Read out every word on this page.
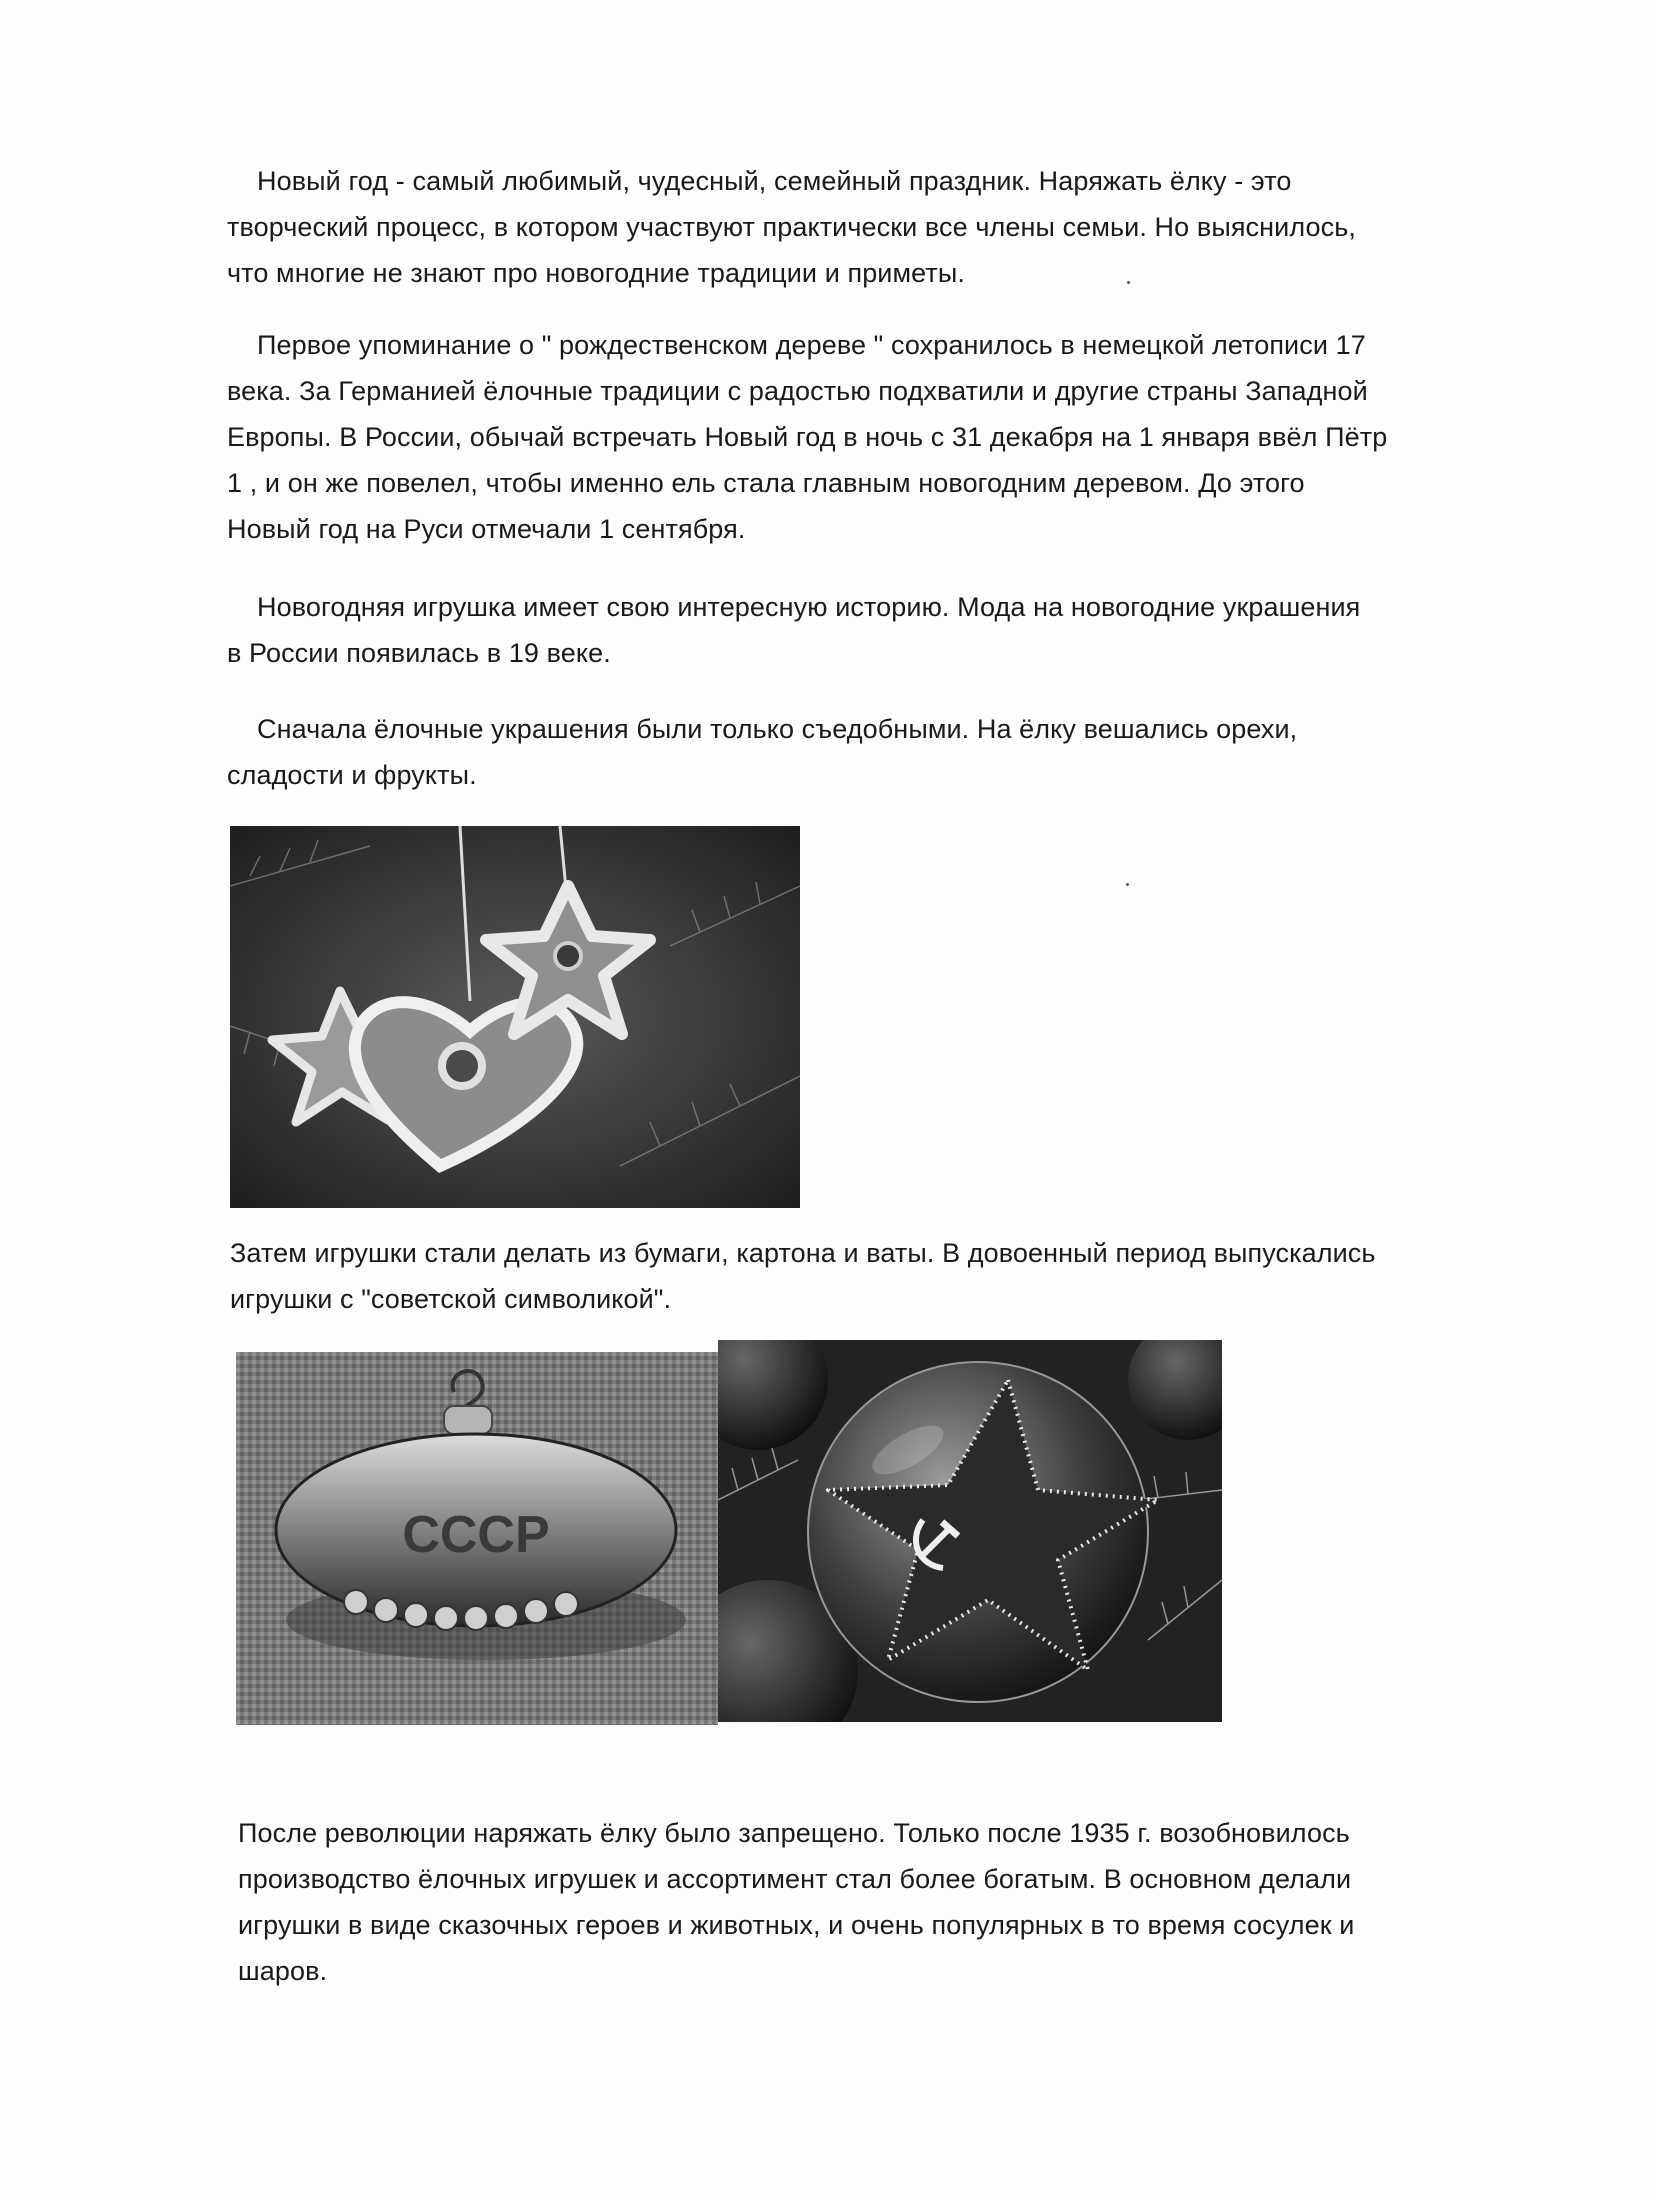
Новый год - самый любимый, чудесный, семейный праздник. Наряжать ёлку - это

творческий процесс, в котором участвуют практически все члены семьи. Но выяснилось,
что многие не знают про новогодние традиции и приметы.

Первое упоминание о " рождественском дереве " сохранилось в немецкой летописи 17

века. За Германией ёлочные традиции с радостью подхватили и другие страны Западной
Европы. В России, обычай встречать Новый год в ночь с 31 декабря на 1 января ввёл Пётр
1 , и он же повелел, чтобы именно ель стала главным новогодним деревом. До этого
Новый год на Руси отмечали 1 сентября.

Новогодняя игрушка имеет свою интересную историю. Мода на новогодние украшения

в России появилась в 19 веке.

Сначала ёлочные украшения были только съедобными. На ёлку вешались орехи,

сладости и фрукты.

Затем игрушки стали делать из бумаги, картона и ваты. В довоенный период выпускались
игрушки с "советской символикой".

ССCР

После революции наряжать ёлку было запрещено. Только после 1935 г. возобновилось
производство ёлочных игрушек и ассортимент стал более богатым. В основном делали
игрушки в виде сказочных героев и животных, и очень популярных в то время сосулек и
шаров.
